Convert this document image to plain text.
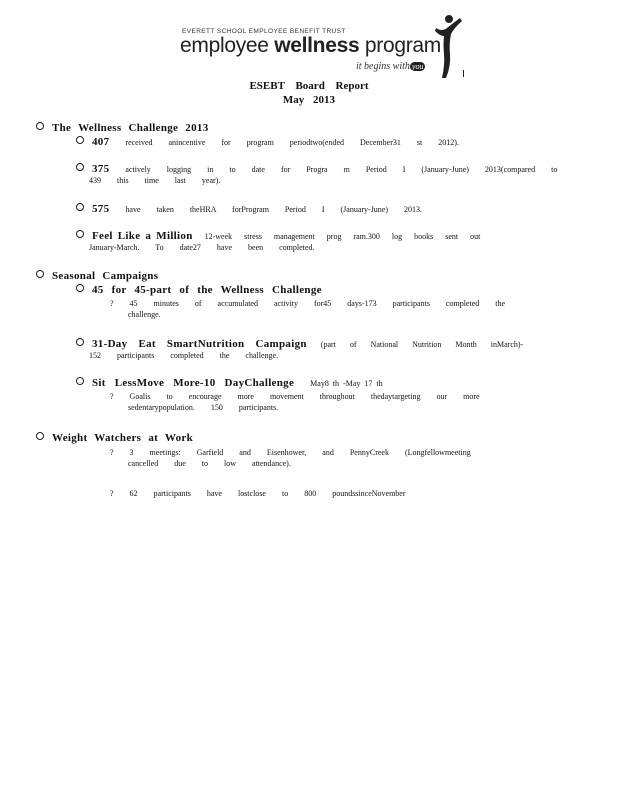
EVERETT SCHOOL EMPLOYEE BENEFIT TRUST
employee wellness program
it begins withyou
ESEBT Board Report
May 2013
The Wellness Challenge 2013
407 received anincentive for program periodtwo(ended December31 st 2012).
375 actively logging in to date for Progra m Period I (January-June) 2013(compared to
439 this time last year).
575 have taken theHRA forProgram Period I (January-June) 2013.
Feel Like a Million 12-week stress management prog ram.300 log books sent out
January-March. To date27 have been completed.
Seasonal Campaigns
45 for 45-part of the Wellness Challenge
? 45 minutes of accumulated activity for45 days-173 participants completed the
challenge.
31-Day Eat SmartNutrition Campaign (part of National Nutrition Month inMarch)-
152 participants completed the challenge.
Sit LessMove More-10 DayChallenge May8 th -May 17 th
? Goalis to encourage more movement throughout thedaytargeting our more
sedentarypopulation. 150 participants.
Weight Watchers at Work
? 3 meetings: Garfield and Eisenhower, and PennyCreek (Longfellowmeeting
cancelled due to low attendance).
? 62 participants have lostclose to 800 poundssinceNovember
